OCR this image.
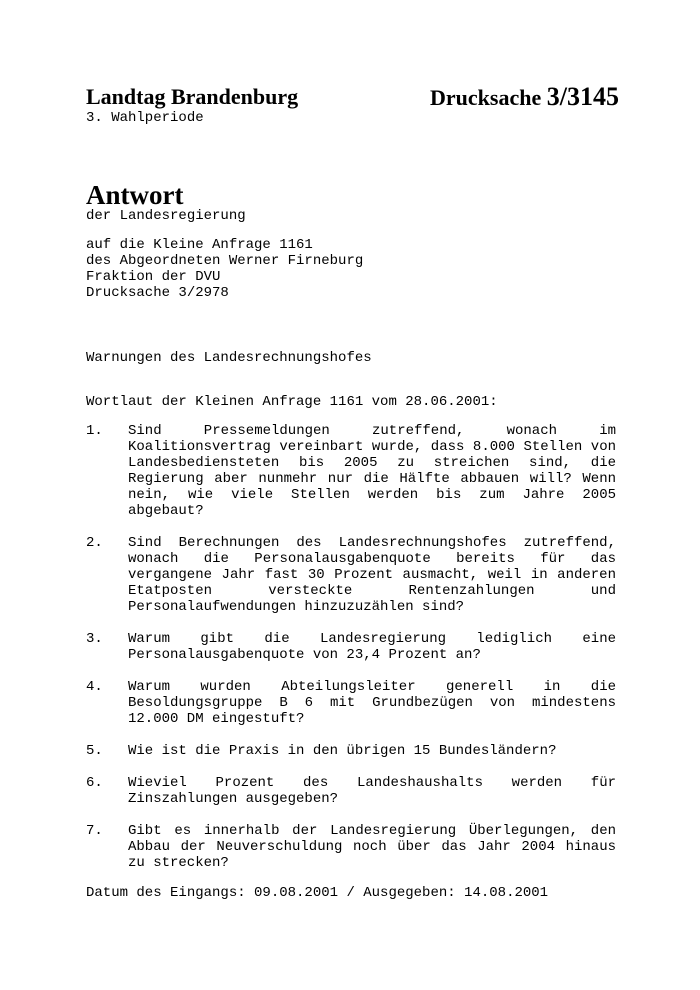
Landtag Brandenburg	Drucksache 3/3145
3. Wahlperiode
Antwort
der Landesregierung
auf die Kleine Anfrage 1161
des Abgeordneten Werner Firneburg
Fraktion der DVU
Drucksache 3/2978
Warnungen des Landesrechnungshofes
Wortlaut der Kleinen Anfrage 1161 vom 28.06.2001:
1.	Sind Pressemeldungen zutreffend, wonach im Koalitionsvertrag vereinbart wurde, dass 8.000 Stellen von Landesbediensteten bis 2005 zu streichen sind, die Regierung aber nunmehr nur die Hälfte abbauen will? Wenn nein, wie viele Stellen werden bis zum Jahre 2005 abgebaut?
2.	Sind Berechnungen des Landesrechnungshofes zutreffend, wonach die Personalausgabenquote bereits für das vergangene Jahr fast 30 Prozent ausmacht, weil in anderen Etatposten versteckte Rentenzahlungen und Personalaufwendungen hinzuzuzählen sind?
3.	Warum gibt die Landesregierung lediglich eine Personalausgabenquote von 23,4 Prozent an?
4.	Warum wurden Abteilungsleiter generell in die Besoldungsgruppe B 6 mit Grundbezügen von mindestens 12.000 DM eingestuft?
5.	Wie ist die Praxis in den übrigen 15 Bundesländern?
6.	Wieviel Prozent des Landeshaushalts werden für Zinszahlungen ausgegeben?
7.	Gibt es innerhalb der Landesregierung Überlegungen, den Abbau der Neuverschuldung noch über das Jahr 2004 hinaus zu strecken?
Datum des Eingangs: 09.08.2001 / Ausgegeben: 14.08.2001
